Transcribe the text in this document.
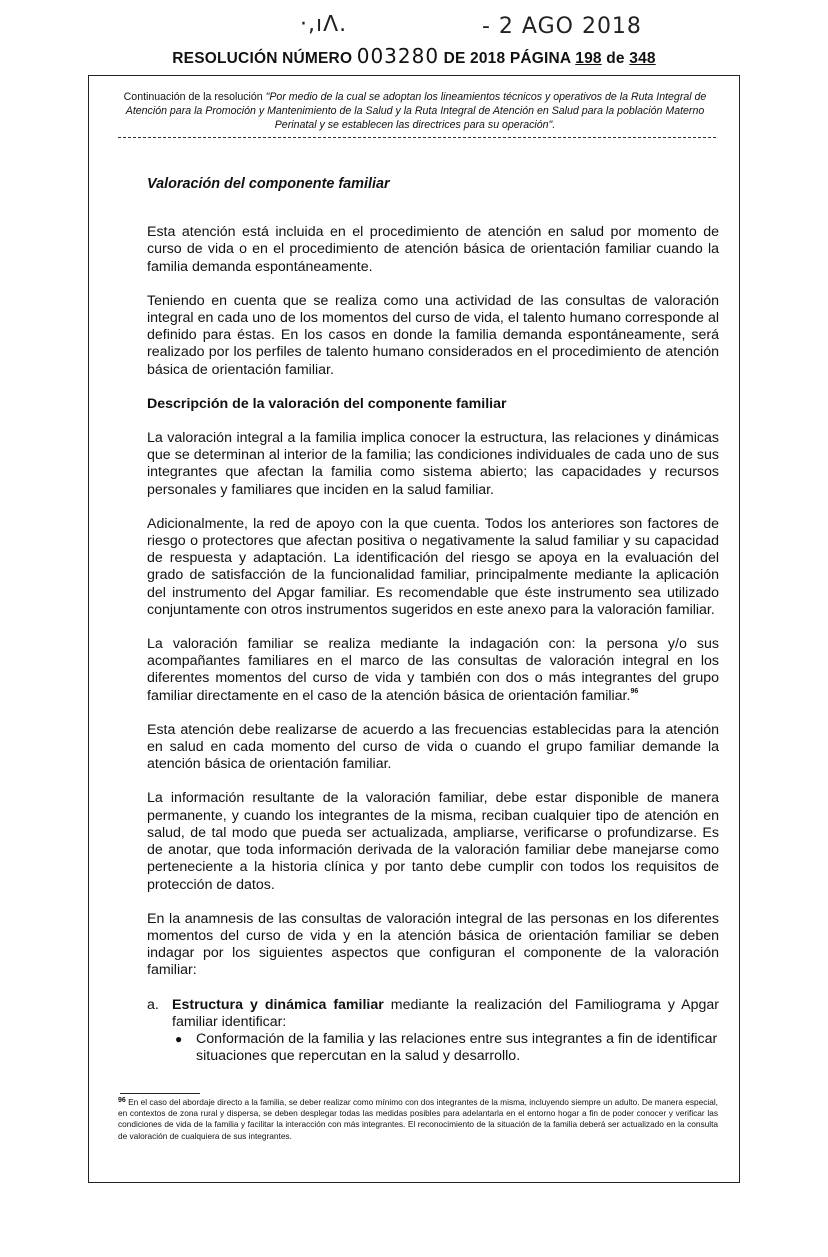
·,ıᐱ.	- 2 AGO 2018
RESOLUCIÓN NÚMERO 003280 DE 2018 PÁGINA 198 de 348
Continuación de la resolución "Por medio de la cual se adoptan los lineamientos técnicos y operativos de la Ruta Integral de Atención para la Promoción y Mantenimiento de la Salud y la Ruta Integral de Atención en Salud para la población Materno Perinatal y se establecen las directrices para su operación".

Valoración del componente familiar

Esta atención está incluida en el procedimiento de atención en salud por momento de curso de vida o en el procedimiento de atención básica de orientación familiar cuando la familia demanda espontáneamente.

Teniendo en cuenta que se realiza como una actividad de las consultas de valoración integral en cada uno de los momentos del curso de vida, el talento humano corresponde al definido para éstas. En los casos en donde la familia demanda espontáneamente, será realizado por los perfiles de talento humano considerados en el procedimiento de atención básica de orientación familiar.

Descripción de la valoración del componente familiar

La valoración integral a la familia implica conocer la estructura, las relaciones y dinámicas que se determinan al interior de la familia; las condiciones individuales de cada uno de sus integrantes que afectan la familia como sistema abierto; las capacidades y recursos personales y familiares que inciden en la salud familiar.

Adicionalmente, la red de apoyo con la que cuenta. Todos los anteriores son factores de riesgo o protectores que afectan positiva o negativamente la salud familiar y su capacidad de respuesta y adaptación. La identificación del riesgo se apoya en la evaluación del grado de satisfacción de la funcionalidad familiar, principalmente mediante la aplicación del instrumento del Apgar familiar. Es recomendable que éste instrumento sea utilizado conjuntamente con otros instrumentos sugeridos en este anexo para la valoración familiar.

La valoración familiar se realiza mediante la indagación con: la persona y/o sus acompañantes familiares en el marco de las consultas de valoración integral en los diferentes momentos del curso de vida y también con dos o más integrantes del grupo familiar directamente en el caso de la atención básica de orientación familiar.$^{96}$

Esta atención debe realizarse de acuerdo a las frecuencias establecidas para la atención en salud en cada momento del curso de vida o cuando el grupo familiar demande la atención básica de orientación familiar.

La información resultante de la valoración familiar, debe estar disponible de manera permanente, y cuando los integrantes de la misma, reciban cualquier tipo de atención en salud, de tal modo que pueda ser actualizada, ampliarse, verificarse o profundizarse. Es de anotar, que toda información derivada de la valoración familiar debe manejarse como perteneciente a la historia clínica y por tanto debe cumplir con todos los requisitos de protección de datos.

En la anamnesis de las consultas de valoración integral de las personas en los diferentes momentos del curso de vida y en la atención básica de orientación familiar se deben indagar por los siguientes aspectos que configuran el componente de la valoración familiar:

a. Estructura y dinámica familiar mediante la realización del Familiograma y Apgar familiar identificar:

● Conformación de la familia y las relaciones entre sus integrantes a fin de identificar situaciones que repercutan en la salud y desarrollo.
$^{96}$ En el caso del abordaje directo a la familia, se deber realizar como mínimo con dos integrantes de la misma, incluyendo siempre un adulto. De manera especial, en contextos de zona rural y dispersa, se deben desplegar todas las medidas posibles para adelantarla en el entorno hogar a fin de poder conocer y verificar las condiciones de vida de la familia y facilitar la interacción con más integrantes. El reconocimiento de la situación de la familia deberá ser actualizado en la consulta de valoración de cualquiera de sus integrantes.
